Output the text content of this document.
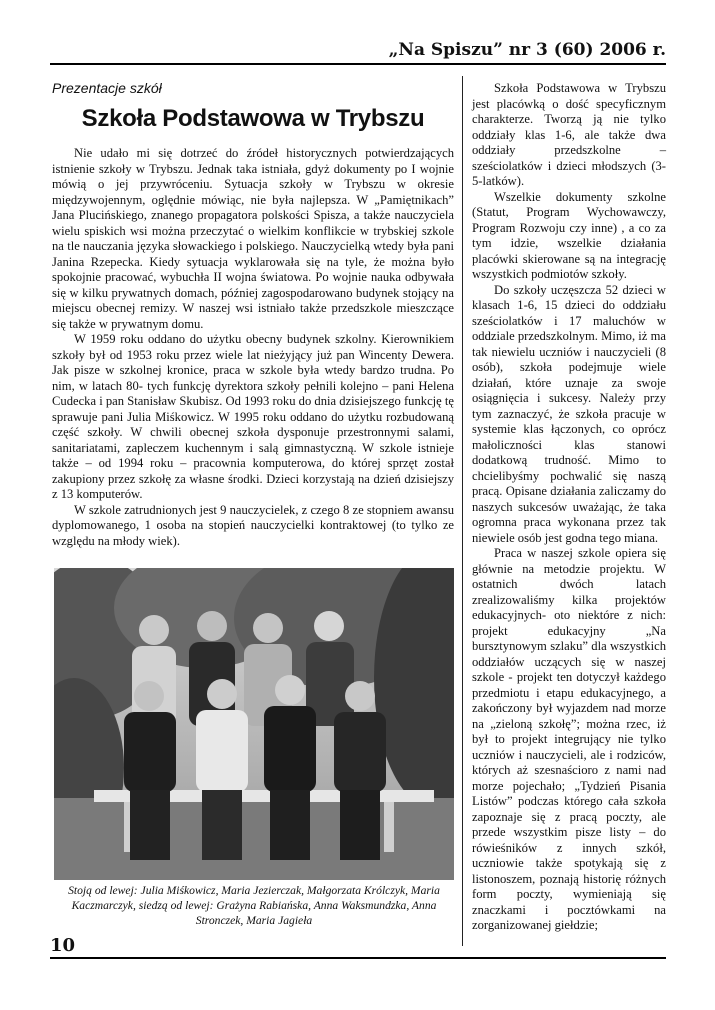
„Na Spiszu” nr 3 (60) 2006 r.
Prezentacje szkół
Szkoła Podstawowa w Trybszu

Nie udało mi się dotrzeć do źródeł historycznych potwierdzających istnienie szkoły w Trybszu. Jednak taka istniała, gdyż dokumenty po I wojnie mówią o jej przywróceniu. Sytuacja szkoły w Trybszu w okresie międzywojennym, oględnie mówiąc, nie była najlepsza. W „Pamiętnikach” Jana Plucińskiego, znanego propagatora polskości Spisza, a także nauczyciela wielu spiskich wsi można przeczytać o wielkim konflikcie w trybskiej szkole na tle nauczania języka słowackiego i polskiego. Nauczycielką wtedy była pani Janina Rzepecka. Kiedy sytuacja wyklarowała się na tyle, że można było spokojnie pracować, wybuchła II wojna światowa. Po wojnie nauka odbywała się w kilku prywatnych domach, później zagospodarowano budynek stojący na miejscu obecnej remizy. W naszej wsi istniało także przedszkole mieszczące się także w prywatnym domu.

W 1959 roku oddano do użytku obecny budynek szkolny. Kierownikiem szkoły był od 1953 roku przez wiele lat nieżyjący już pan Wincenty Dewera. Jak pisze w szkolnej kronice, praca w szkole była wtedy bardzo trudna. Po nim, w latach 80- tych funkcję dyrektora szkoły pełnili kolejno – pani Helena Cudecka i pan Stanisław Skubisz. Od 1993 roku do dnia dzisiejszego funkcję tę sprawuje pani Julia Miśkowicz. W 1995 roku oddano do użytku rozbudowaną część szkoły. W chwili obecnej szkoła dysponuje przestronnymi salami, sanitariatami, zapleczem kuchennym i salą gimnastyczną. W szkole istnieje także – od 1994 roku – pracownia komputerowa, do której sprzęt został zakupiony przez szkołę za własne środki. Dzieci korzystają na dzień dzisiejszy z 13 komputerów.

W szkole zatrudnionych jest 9 nauczycielek, z czego 8 ze stopniem awansu dyplomowanego, 1 osoba na stopień nauczycielki kontraktowej (to tylko ze względu na młody wiek).

Stoją od lewej: Julia Miśkowicz, Maria Jezierczak, Małgorzata Królczyk, Maria Kaczmarczyk, siedzą od lewej: Grażyna Rabiańska, Anna Waksmundzka, Anna Stronczek, Maria Jagieła

Szkoła Podstawowa w Trybszu jest placówką o dość specyficznym charakterze. Tworzą ją nie tylko oddziały klas 1-6, ale także dwa oddziały przedszkolne – sześciolatków i dzieci młodszych (3-5-latków).

Wszelkie dokumenty szkolne (Statut, Program Wychowawczy, Program Rozwoju czy inne) , a co za tym idzie, wszelkie działania placówki skierowane są na integrację wszystkich podmiotów szkoły.

Do szkoły uczęszcza 52 dzieci w klasach 1-6, 15 dzieci do oddziału sześciolatków i 17 maluchów w oddziale przedszkolnym. Mimo, iż ma tak niewielu uczniów i nauczycieli (8 osób), szkoła podejmuje wiele działań, które uznaje za swoje osiągnięcia i sukcesy. Należy przy tym zaznaczyć, że szkoła pracuje w systemie klas łączonych, co oprócz małoliczności klas stanowi dodatkową trudność. Mimo to chcielibyśmy pochwalić się naszą pracą. Opisane działania zaliczamy do naszych sukcesów uważając, że taka ogromna praca wykonana przez tak niewiele osób jest godna tego miana.

Praca w naszej szkole opiera się głównie na metodzie projektu. W ostatnich dwóch latach zrealizowaliśmy kilka projektów edukacyjnych- oto niektóre z nich: projekt edukacyjny „Na bursztynowym szlaku” dla wszystkich oddziałów uczących się w naszej szkole - projekt ten dotyczył każdego przedmiotu i etapu edukacyjnego, a zakończony był wyjazdem nad morze na „zieloną szkołę”; można rzec, iż był to projekt integrujący nie tylko uczniów i nauczycieli, ale i rodziców, których aż szesnaścioro z nami nad morze pojechało; „Tydzień Pisania Listów” podczas którego cała szkoła zapoznaje się z pracą poczty, ale przede wszystkim pisze listy – do rówieśników z innych szkół, uczniowie także spotykają się z listonoszem, poznają historię różnych form poczty, wymieniają się znaczkami i pocztówkami na zorganizowanej giełdzie;

10
